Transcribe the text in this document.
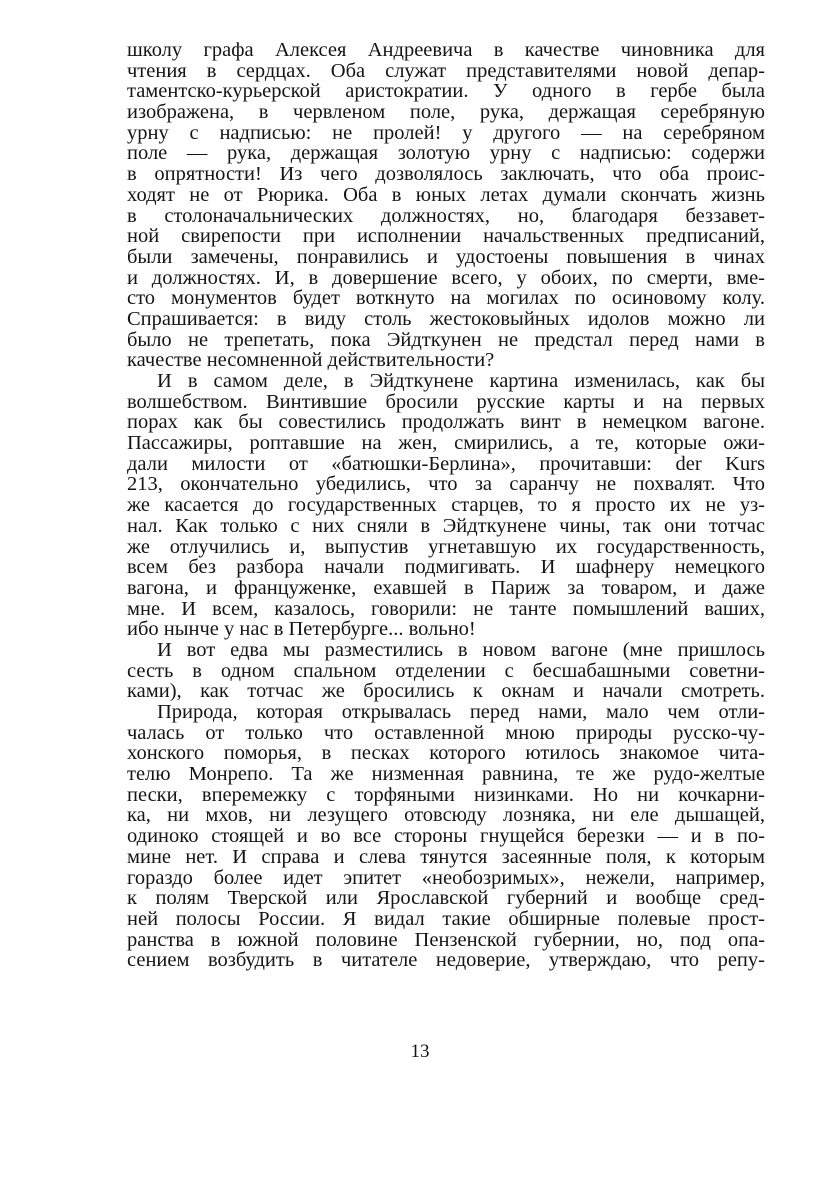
школу графа Алексея Андреевича в качестве чиновника для
чтения в сердцах. Оба служат представителями новой депар-
таментско-курьерской аристократии. У одного в гербе была
изображена, в червленом поле, рука, держащая серебряную
урну с надписью: не пролей! у другого — на серебряном
поле — рука, держащая золотую урну с надписью: содержи
в опрятности! Из чего дозволялось заключать, что оба проис-
ходят не от Рюрика. Оба в юных летах думали скончать жизнь
в столоначальнических должностях, но, благодаря беззавет-
ной свирепости при исполнении начальственных предписаний,
были замечены, понравились и удостоены повышения в чинах
и должностях. И, в довершение всего, у обоих, по смерти, вме-
сто монументов будет воткнуто на могилах по осиновому колу.
Спрашивается: в виду столь жестоковыйных идолов можно ли
было не трепетать, пока Эйдткунен не предстал перед нами в
качестве несомненной действительности?
И в самом деле, в Эйдткунене картина изменилась, как бы
волшебством. Винтившие бросили русские карты и на первых
порах как бы совестились продолжать винт в немецком вагоне.
Пассажиры, роптавшие на жен, смирились, а те, которые ожи-
дали милости от «батюшки-Берлина», прочитавши: der Kurs
213, окончательно убедились, что за саранчу не похвалят. Что
же касается до государственных старцев, то я просто их не уз-
нал. Как только с них сняли в Эйдткунене чины, так они тотчас
же отлучились и, выпустив угнетавшую их государственность,
всем без разбора начали подмигивать. И шафнеру немецкого
вагона, и француженке, ехавшей в Париж за товаром, и даже
мне. И всем, казалось, говорили: не танте помышлений ваших,
ибо нынче у нас в Петербурге... вольно!
И вот едва мы разместились в новом вагоне (мне пришлось
сесть в одном спальном отделении с бесшабашными советни-
ками), как тотчас же бросились к окнам и начали смотреть.
Природа, которая открывалась перед нами, мало чем отли-
чалась от только что оставленной мною природы русско-чу-
хонского поморья, в песках которого ютилось знакомое чита-
телю Монрепо. Та же низменная равнина, те же рудо-желтые
пески, вперемежку с торфяными низинками. Но ни кочкарни-
ка, ни мхов, ни лезущего отовсюду лозняка, ни еле дышащей,
одиноко стоящей и во все стороны гнущейся березки — и в по-
мине нет. И справа и слева тянутся засеянные поля, к которым
гораздо более идет эпитет «необозримых», нежели, например,
к полям Тверской или Ярославской губерний и вообще сред-
ней полосы России. Я видал такие обширные полевые прост-
ранства в южной половине Пензенской губернии, но, под опа-
сением возбудить в читателе недоверие, утверждаю, что репу-
13
